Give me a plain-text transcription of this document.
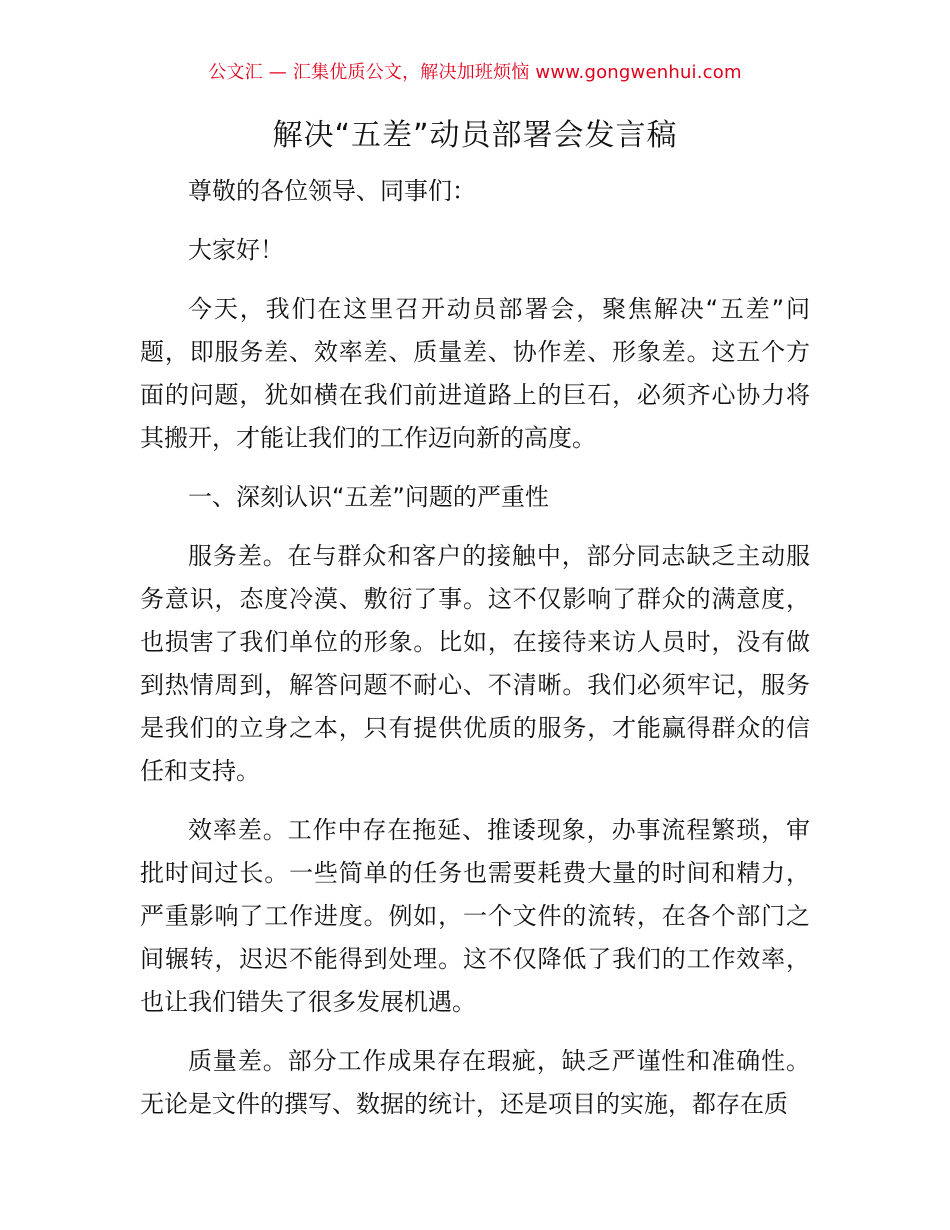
公文汇 — 汇集优质公文，解决加班烦恼 www.gongwenhui.com
解决“五差”动员部署会发言稿

尊敬的各位领导、同事们：

大家好！

今天，我们在这里召开动员部署会，聚焦解决“五差”问题，即服务差、效率差、质量差、协作差、形象差。这五个方面的问题，犹如横在我们前进道路上的巨石，必须齐心协力将其搬开，才能让我们的工作迈向新的高度。

一、深刻认识“五差”问题的严重性

服务差。在与群众和客户的接触中，部分同志缺乏主动服务意识，态度冷漠、敷衍了事。这不仅影响了群众的满意度，也损害了我们单位的形象。比如，在接待来访人员时，没有做到热情周到，解答问题不耐心、不清晰。我们必须牢记，服务是我们的立身之本，只有提供优质的服务，才能赢得群众的信任和支持。

效率差。工作中存在拖延、推诿现象，办事流程繁琐，审批时间过长。一些简单的任务也需要耗费大量的时间和精力，严重影响了工作进度。例如，一个文件的流转，在各个部门之间辗转，迟迟不能得到处理。这不仅降低了我们的工作效率，也让我们错失了很多发展机遇。

质量差。部分工作成果存在瑕疵，缺乏严谨性和准确性。无论是文件的撰写、数据的统计，还是项目的实施，都存在质
